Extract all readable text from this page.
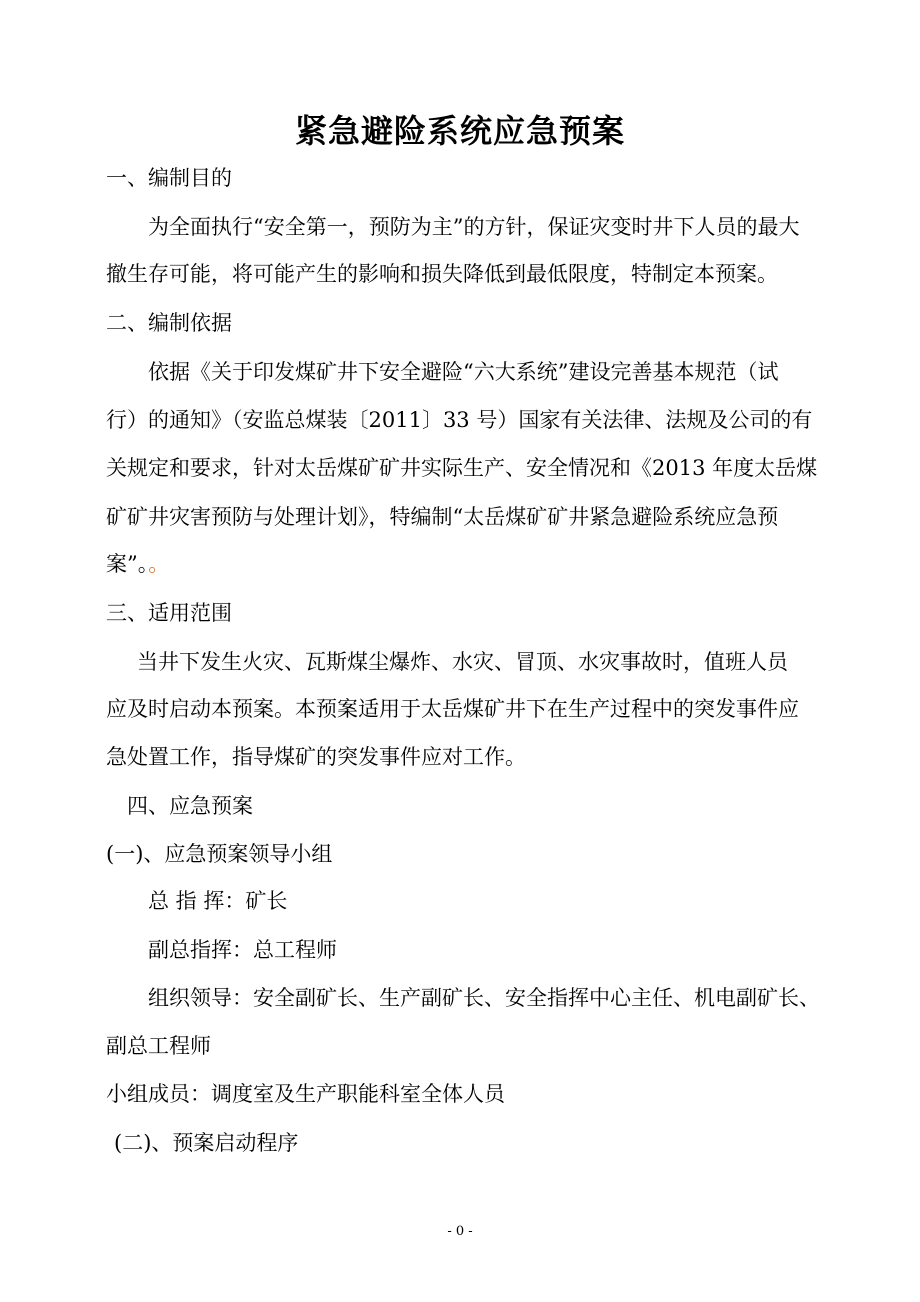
紧急避险系统应急预案
一、编制目的
为全面执行“安全第一，预防为主”的方针，保证灾变时井下人员的最大
撤生存可能，将可能产生的影响和损失降低到最低限度，特制定本预案。
二、编制依据
依据《关于印发煤矿井下安全避险“六大系统”建设完善基本规范（试
行）的通知》（安监总煤装〔2011〕33 号）国家有关法律、法规及公司的有
关规定和要求，针对太岳煤矿矿井实际生产、安全情况和《2013 年度太岳煤
矿矿井灾害预防与处理计划》，特编制“太岳煤矿矿井紧急避险系统应急预
案”。。
三、适用范围
当井下发生火灾、瓦斯煤尘爆炸、水灾、冒顶、水灾事故时，值班人员
应及时启动本预案。本预案适用于太岳煤矿井下在生产过程中的突发事件应
急处置工作，指导煤矿的突发事件应对工作。
四、应急预案
(一)、应急预案领导小组
总 指 挥：矿长
副总指挥：总工程师
组织领导：安全副矿长、生产副矿长、安全指挥中心主任、机电副矿长、
副总工程师
小组成员：调度室及生产职能科室全体人员
(二)、预案启动程序
- 0 -
